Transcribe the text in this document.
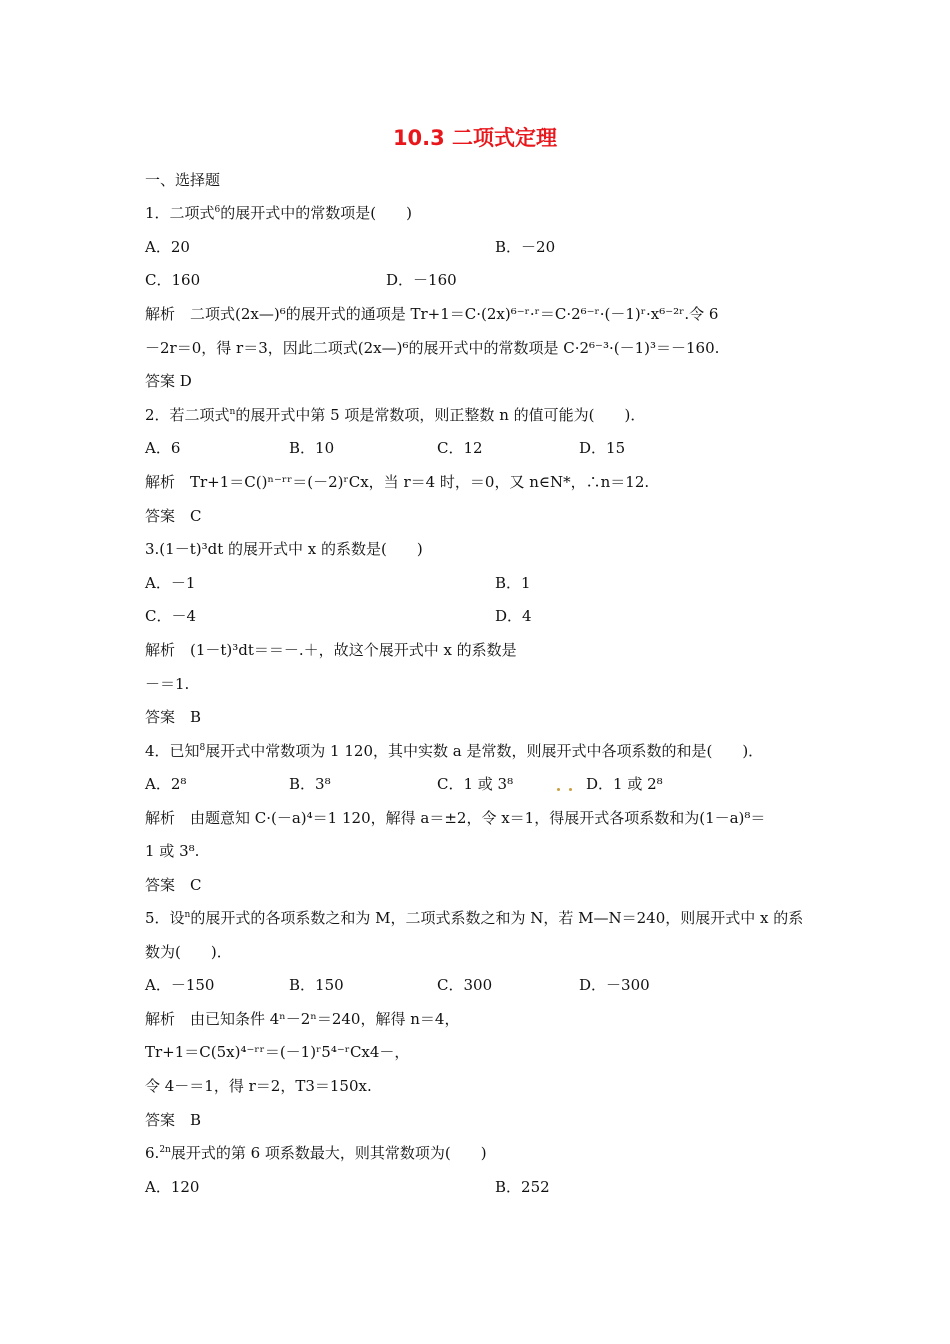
10.3 二项式定理
一、选择题
1．二项式$^6$的展开式中的常数项是(　　)
A．20	B．－20
C．160	D．－160
解析　二项式(2x—)⁶的展开式的通项是 Tr+1＝C·(2x)⁶⁻ʳ·ʳ＝C·2⁶⁻ʳ·(－1)ʳ·x⁶⁻²ʳ.令 6
－2r＝0，得 r＝3，因此二项式(2x—)⁶的展开式中的常数项是 C·2⁶⁻³·(－1)³＝－160.
答案 D
2．若二项式$^n$的展开式中第 5 项是常数项，则正整数 n 的值可能为(　　)．
A．6	B．10	C．12	D．15
解析　Tr+1＝C()ⁿ⁻ʳʳ＝(－2)ʳCx，当 r＝4 时，＝0，又 n∈N*，∴n＝12.
答案　C
3.(1－t)³dt 的展开式中 x 的系数是(　　)
A．－1	B．1
C．－4	D．4
解析　(1－t)³dt＝＝－.＋，故这个展开式中 x 的系数是
－＝1.
答案　B
4．已知$^8$展开式中常数项为 1 120，其中实数 a 是常数，则展开式中各项系数的和是(　　)．
A．2⁸	B．3⁸	C．1 或 3⁸
	D．1 或 2⁸
解析　由题意知 C·(－a)⁴＝1 120，解得 a＝±2，令 x＝1，得展开式各项系数和为(1－a)⁸＝
1 或 3⁸.
答案　C
5．设$^n$的展开式的各项系数之和为 M，二项式系数之和为 N，若 M—N＝240，则展开式中 x 的系
数为(　　)．
A．－150	B．150	C．300	D．－300
解析　由已知条件 4ⁿ－2ⁿ＝240，解得 n＝4，
Tr+1＝C(5x)⁴⁻ʳʳ＝(－1)ʳ5⁴⁻ʳCx4－，
令 4－＝1，得 r＝2，T3＝150x.
答案　B
6.$^{2n}$展开式的第 6 项系数最大，则其常数项为(　　)
A．120	B．252
